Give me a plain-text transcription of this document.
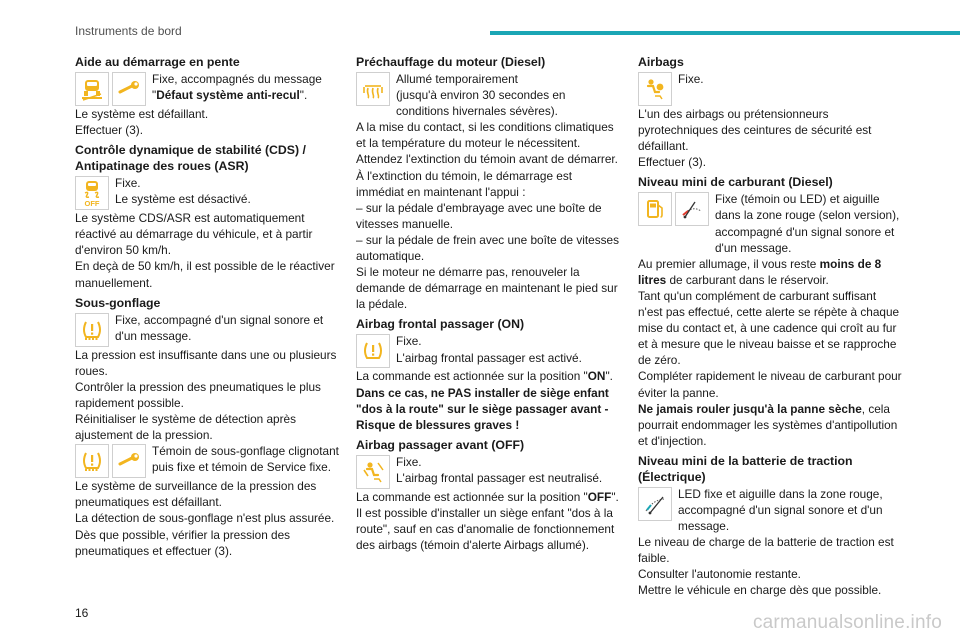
Instruments de bord
Aide au démarrage en pente
Fixe, accompagnés du message "Défaut système anti-recul".

Le système est défaillant.

Effectuer (3).

Contrôle dynamique de stabilité (CDS) / Antipatinage des roues (ASR)
OFF

Fixe.

Le système est désactivé.

Le système CDS/ASR est automatiquement réactivé au démarrage du véhicule, et à partir d'environ 50 km/h.

En deçà de 50 km/h, il est possible de le réactiver manuellement.

Sous-gonflage

Fixe, accompagné d'un signal sonore et d'un message.

La pression est insuffisante dans une ou plusieurs roues.

Contrôler la pression des pneumatiques le plus rapidement possible.

Réinitialiser le système de détection après ajustement de la pression.

Témoin de sous-gonflage clignotant puis fixe et témoin de Service fixe.

Le système de surveillance de la pression des pneumatiques est défaillant.

La détection de sous-gonflage n'est plus assurée.

Dès que possible, vérifier la pression des pneumatiques et effectuer (3).

Préchauffage du moteur (Diesel)

Allumé temporairement

(jusqu'à environ 30 secondes en conditions hivernales sévères).

A la mise du contact, si les conditions climatiques et la température du moteur le nécessitent.

Attendez l'extinction du témoin avant de démarrer.

À l'extinction du témoin, le démarrage est immédiat en maintenant l'appui :

– sur la pédale d'embrayage avec une boîte de vitesses manuelle.

– sur la pédale de frein avec une boîte de vitesses automatique.

Si le moteur ne démarre pas, renouveler la demande de démarrage en maintenant le pied sur la pédale.

Airbag frontal passager (ON)

Fixe.

L'airbag frontal passager est activé.

La commande est actionnée sur la position "ON".

Dans ce cas, ne PAS installer de siège enfant "dos à la route" sur le siège passager avant - Risque de blessures graves !

Airbag passager avant (OFF)

Fixe.

L'airbag frontal passager est neutralisé.

La commande est actionnée sur la position "OFF".

Il est possible d'installer un siège enfant "dos à la route", sauf en cas d'anomalie de fonctionnement des airbags (témoin d'alerte Airbags allumé).

Airbags

Fixe.

L'un des airbags ou prétensionneurs pyrotechniques des ceintures de sécurité est défaillant.

Effectuer (3).

Niveau mini de carburant (Diesel)

Fixe (témoin ou LED) et aiguille dans la zone rouge (selon version), accompagné d'un signal sonore et d'un message.

Au premier allumage, il vous reste moins de 8 litres de carburant dans le réservoir.

Tant qu'un complément de carburant suffisant n'est pas effectué, cette alerte se répète à chaque mise du contact et, à une cadence qui croît au fur et à mesure que le niveau baisse et se rapproche de zéro.

Compléter rapidement le niveau de carburant pour éviter la panne.

Ne jamais rouler jusqu'à la panne sèche, cela pourrait endommager les systèmes d'antipollution et d'injection.

Niveau mini de la batterie de traction (Électrique)

LED fixe et aiguille dans la zone rouge, accompagné d'un signal sonore et d'un message.

Le niveau de charge de la batterie de traction est faible.

Consulter l'autonomie restante.

Mettre le véhicule en charge dès que possible.

16	carmanualsonline.info
